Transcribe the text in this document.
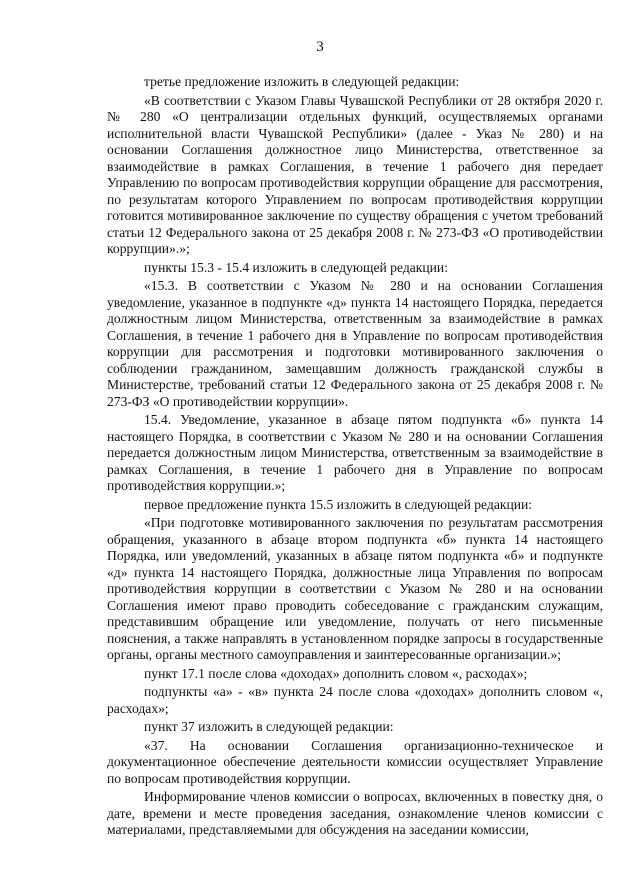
3

третье предложение изложить в следующей редакции:

«В соответствии с Указом Главы Чувашской Республики от 28 октября 2020 г. № 280 «О централизации отдельных функций, осуществляемых органами исполнительной власти Чувашской Республики» (далее - Указ № 280) и на основании Соглашения должностное лицо Министерства, ответственное за взаимодействие в рамках Соглашения, в течение 1 рабочего дня передает Управлению по вопросам противодействия коррупции обращение для рассмотрения, по результатам которого Управлением по вопросам противодействия коррупции готовится мотивированное заключение по существу обращения с учетом требований статьи 12 Федерального закона от 25 декабря 2008 г. № 273-ФЗ «О противодействии коррупции».»;

пункты 15.3 - 15.4 изложить в следующей редакции:

«15.3. В соответствии с Указом № 280 и на основании Соглашения уведомление, указанное в подпункте «д» пункта 14 настоящего Порядка, передается должностным лицом Министерства, ответственным за взаимодействие в рамках Соглашения, в течение 1 рабочего дня в Управление по вопросам противодействия коррупции для рассмотрения и подготовки мотивированного заключения о соблюдении гражданином, замещавшим должность гражданской службы в Министерстве, требований статьи 12 Федерального закона от 25 декабря 2008 г. № 273-ФЗ «О противодействии коррупции».

15.4. Уведомление, указанное в абзаце пятом подпункта «б» пункта 14 настоящего Порядка, в соответствии с Указом № 280 и на основании Соглашения передается должностным лицом Министерства, ответственным за взаимодействие в рамках Соглашения, в течение 1 рабочего дня в Управление по вопросам противодействия коррупции.»;

первое предложение пункта 15.5 изложить в следующей редакции:

«При подготовке мотивированного заключения по результатам рассмотрения обращения, указанного в абзаце втором подпункта «б» пункта 14 настоящего Порядка, или уведомлений, указанных в абзаце пятом подпункта «б» и подпункте «д» пункта 14 настоящего Порядка, должностные лица Управления по вопросам противодействия коррупции в соответствии с Указом № 280 и на основании Соглашения имеют право проводить собеседование с гражданским служащим, представившим обращение или уведомление, получать от него письменные пояснения, а также направлять в установленном порядке запросы в государственные органы, органы местного самоуправления и заинтересованные организации.»;

пункт 17.1 после слова «доходах» дополнить словом «, расходах»;

подпункты «а» - «в» пункта 24 после слова «доходах» дополнить словом «, расходах»;

пункт 37 изложить в следующей редакции:

«37. На основании Соглашения организационно-техническое и документационное обеспечение деятельности комиссии осуществляет Управление по вопросам противодействия коррупции.

Информирование членов комиссии о вопросах, включенных в повестку дня, о дате, времени и месте проведения заседания, ознакомление членов комиссии с материалами, представляемыми для обсуждения на заседании комиссии,
